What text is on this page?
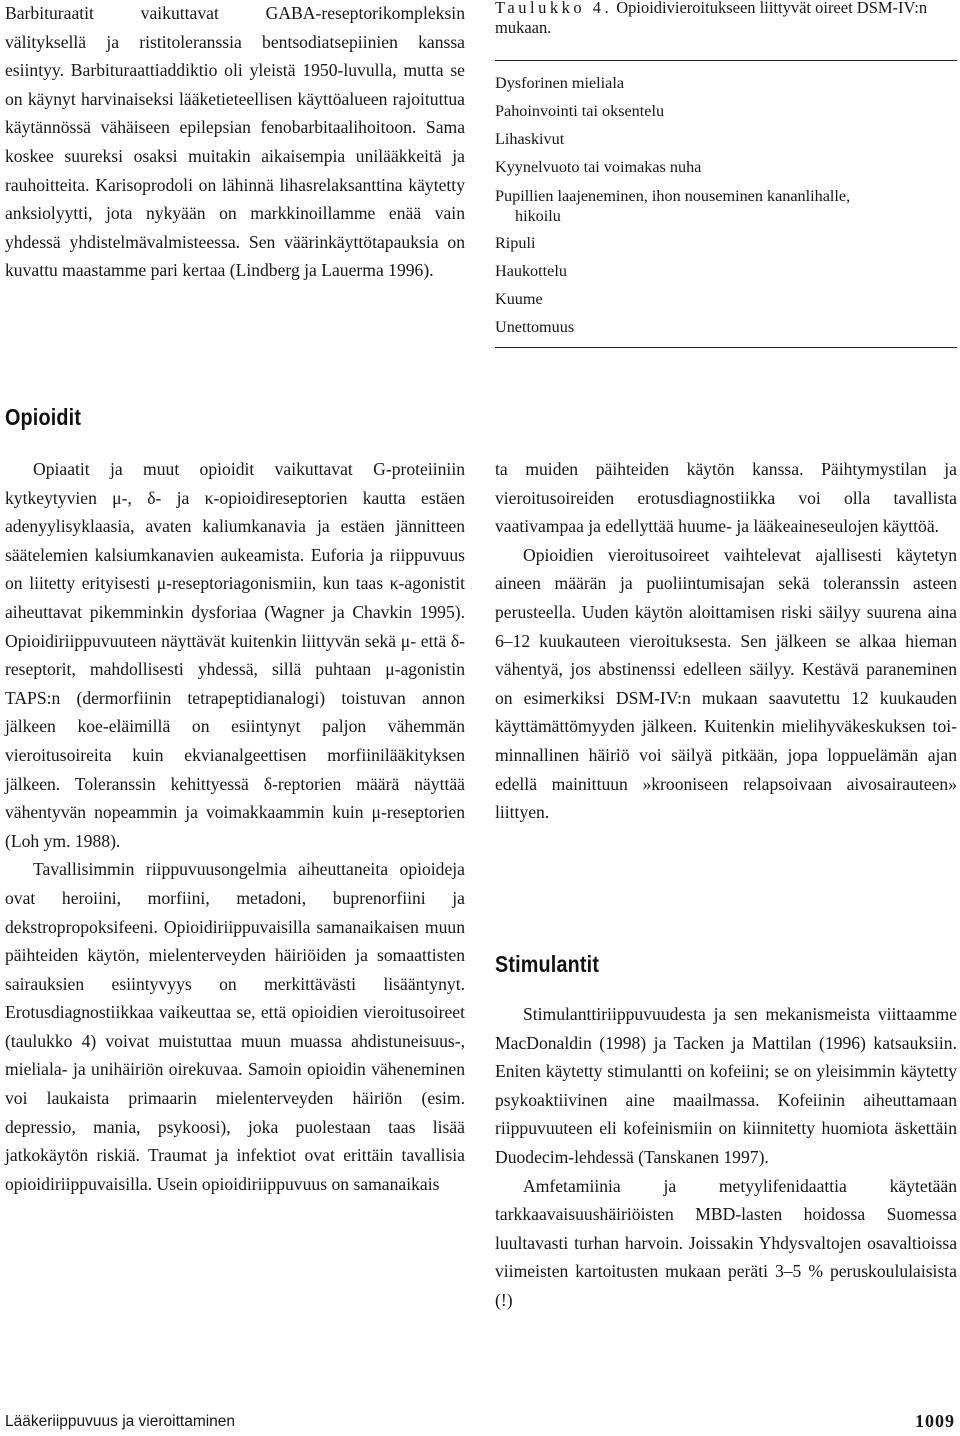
Barbituraatit vaikuttavat GABA-reseptorikompleksin välityksellä ja ristitoleranssia bentsodiatsepiinien kanssa esiintyy. Barbituraattiaddiktio oli yleistä 1950-luvulla, mutta se on käynyt harvinaiseksi lääketieteellisen käyttöalueen rajoituttua käytännössä vähäiseen epilepsian fenobarbitaalihoitoon. Sama koskee suureksi osaksi muitakin aikaisempia unilääkkeitä ja rauhoitteita. Karisoprodoli on lähinnä lihasrelaksanttina käytetty anksiolyytti, jota nykyään on markkinoillamme enää vain yhdessä yhdistelmävalmisteessa. Sen väärinkäyttötapauksia on kuvattu maastamme pari kertaa (Lindberg ja Lauerma 1996).

Taulukko 4. Opioidivieroitukseen liittyvät oireet DSM-IV:n mukaan.
Dysforinen mieliala
Pahoinvointi tai oksentelu
Lihaskivut
Kyynelvuoto tai voimakas nuha
Pupillien laajeneminen, ihon nouseminen kananlihalle,
hikoilu
Ripuli
Haukottelu
Kuume
Unettomuus
Opioidit

Opiaatit ja muut opioidit vaikuttavat G-proteiiniin kytkeytyvien μ-, δ- ja κ-opioidireseptorien kautta estäen adenyylisyklaasia, avaten kaliumkanavia ja estäen jännitteen säätelemien kalsiumkanavien aukeamista. Euforia ja riippuvuus on liitetty erityisesti μ-reseptoriagonismiin, kun taas κ-agonistit aiheuttavat pikemminkin dysforiaa (Wagner ja Chavkin 1995). Opioidiriippuvuuteen näyttävät kuitenkin liittyvän sekä μ- että δ-reseptorit, mahdollisesti yhdessä, sillä puhtaan μ-agonistin TAPS:n (dermorfiinin tetrapeptidianalogi) toistuvan annon jälkeen koe-eläimillä on esiintynyt paljon vähemmän vieroitusoireita kuin ekvianalgeettisen morfiinilääkityksen jälkeen. Toleranssin kehittyessä δ-reptorien määrä näyttää vähentyvän nopeammin ja voimakkaammin kuin μ-reseptorien (Loh ym. 1988).

Tavallisimmin riippuvuusongelmia aiheuttaneita opioideja ovat heroiini, morfiini, metadoni, buprenorfiini ja dekstropropoksifeeni. Opioidiriippuvaisilla samanaikaisen muun päihteiden käytön, mielenterveyden häiriöiden ja somaattisten sairauksien esiintyvyys on merkittävästi lisääntynyt. Erotusdiagnostiikkaa vaikeuttaa se, että opioidien vieroitusoireet (taulukko 4) voivat muistuttaa muun muassa ahdistuneisuus-, mieliala- ja unihäiriön oirekuvaa. Samoin opioidin väheneminen voi laukaista primaarin mielenterveyden häiriön (esim. depressio, mania, psykoosi), joka puolestaan taas lisää jatkokäytön riskiä. Traumat ja infektiot ovat erittäin tavallisia opioidiriippuvaisilla. Usein opioidiriippuvuus on samanaikais

ta muiden päihteiden käytön kanssa. Päihtymystilan ja vieroitusoireiden erotusdiagnostiikka voi olla tavallista vaativampaa ja edellyttää huume- ja lääkeaineseulojen käyttöä.

Opioidien vieroitusoireet vaihtelevat ajallisesti käytetyn aineen määrän ja puoliintumisajan sekä toleranssin asteen perusteella. Uuden käytön aloittamisen riski säilyy suurena aina 6–12 kuukauteen vieroituksesta. Sen jälkeen se alkaa hieman vähentyä, jos abstinenssi edelleen säilyy. Kestävä paraneminen on esimerkiksi DSM-IV:n mukaan saavutettu 12 kuukauden käyttämättömyyden jälkeen. Kuitenkin mielihyväkeskuksen toiminnallinen häiriö voi säilyä pitkään, jopa loppuelämän ajan edellä mainittuun »krooniseen relapsoivaan aivosairauteen» liittyen.

Stimulantit

Stimulanttiriippuvuudesta ja sen mekanismeista viittaamme MacDonaldin (1998) ja Tacken ja Mattilan (1996) katsauksiin. Eniten käytetty stimulantti on kofeiini; se on yleisimmin käytetty psykoaktiivinen aine maailmassa. Kofeiinin aiheuttamaan riippuvuuteen eli kofeinismiin on kiinnitetty huomiota äskettäin Duodecim-lehdessä (Tanskanen 1997).

Amfetamiinia ja metyylifenidaattia käytetään tarkkaavaisuushäiriöisten MBD-lasten hoidossa Suomessa luultavasti turhan harvoin. Joissakin Yhdysvaltojen osavaltioissa viimeisten kartoitusten mukaan peräti 3–5 % peruskoululaisista (!)

Lääkeriippuvuus ja vieroittaminen	1009
